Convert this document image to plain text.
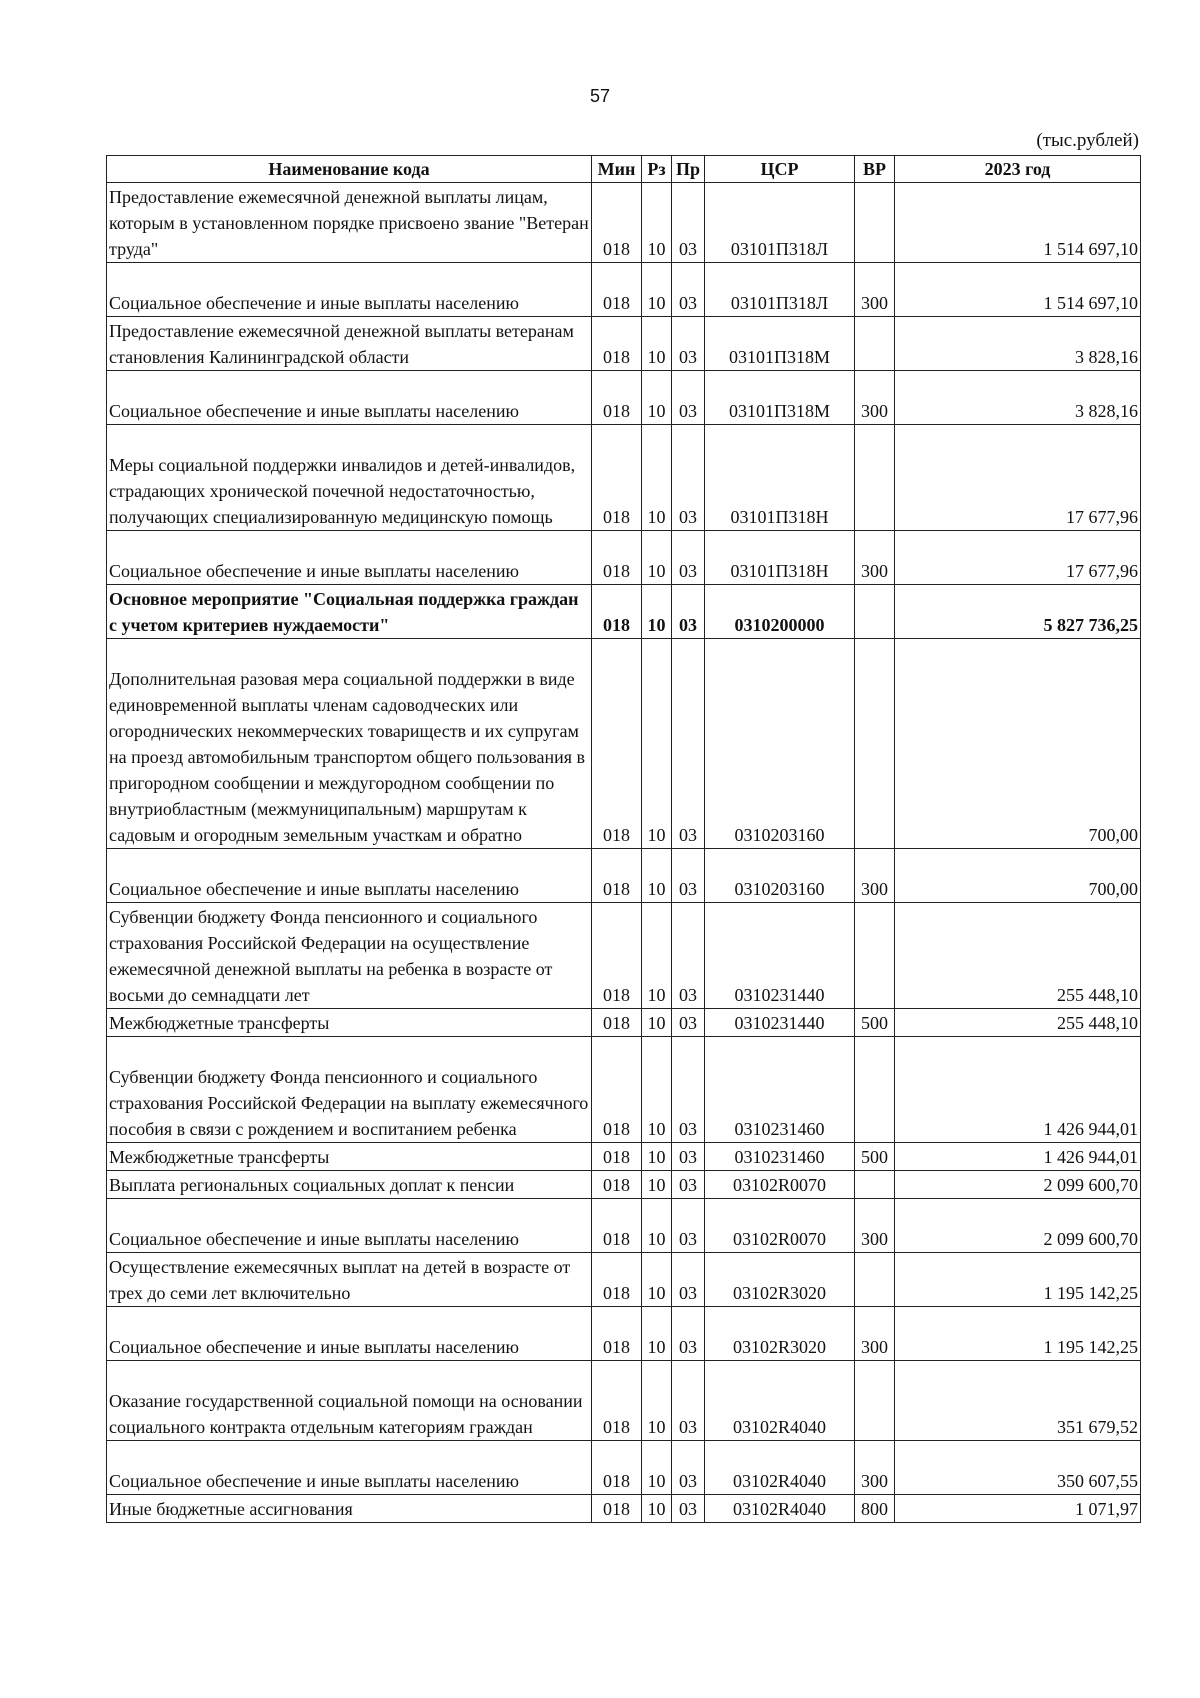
57
(тыс.рублей)
Наименование кода	Мин	Рз	Пр	ЦСР	ВР	2023 год
Предоставление ежемесячной денежной выплаты лицам, которым в установленном порядке присвоено звание "Ветеран труда"	018	10	03	03101П318Л		1 514 697,10
Социальное обеспечение и иные выплаты населению	018	10	03	03101П318Л	300	1 514 697,10
Предоставление ежемесячной денежной выплаты ветеранам становления Калининградской области	018	10	03	03101П318М		3 828,16
Социальное обеспечение и иные выплаты населению	018	10	03	03101П318М	300	3 828,16
Меры социальной поддержки инвалидов и детей-инвалидов, страдающих хронической почечной недостаточностью, получающих специализированную медицинскую помощь	018	10	03	03101П318Н		17 677,96
Социальное обеспечение и иные выплаты населению	018	10	03	03101П318Н	300	17 677,96
Основное мероприятие "Социальная поддержка граждан с учетом критериев нуждаемости"	018	10	03	0310200000		5 827 736,25
Дополнительная разовая мера социальной поддержки в виде единовременной выплаты членам садоводческих или огороднических некоммерческих товариществ и их супругам на проезд автомобильным транспортом общего пользования в пригородном сообщении и междугородном сообщении по внутриобластным (межмуниципальным) маршрутам к садовым и огородным земельным участкам и обратно	018	10	03	0310203160		700,00
Социальное обеспечение и иные выплаты населению	018	10	03	0310203160	300	700,00
Субвенции бюджету Фонда пенсионного и социального страхования Российской Федерации на осуществление ежемесячной денежной выплаты на ребенка в возрасте от восьми до семнадцати лет	018	10	03	0310231440		255 448,10
Межбюджетные трансферты	018	10	03	0310231440	500	255 448,10
Субвенции бюджету Фонда пенсионного и социального страхования Российской Федерации на выплату ежемесячного пособия в связи с рождением и воспитанием ребенка	018	10	03	0310231460		1 426 944,01
Межбюджетные трансферты	018	10	03	0310231460	500	1 426 944,01
Выплата региональных социальных доплат к пенсии	018	10	03	03102R0070		2 099 600,70
Социальное обеспечение и иные выплаты населению	018	10	03	03102R0070	300	2 099 600,70
Осуществление ежемесячных выплат на детей в возрасте от трех до семи лет включительно	018	10	03	03102R3020		1 195 142,25
Социальное обеспечение и иные выплаты населению	018	10	03	03102R3020	300	1 195 142,25
Оказание государственной социальной помощи на основании социального контракта отдельным категориям граждан	018	10	03	03102R4040		351 679,52
Социальное обеспечение и иные выплаты населению	018	10	03	03102R4040	300	350 607,55
Иные бюджетные ассигнования	018	10	03	03102R4040	800	1 071,97
